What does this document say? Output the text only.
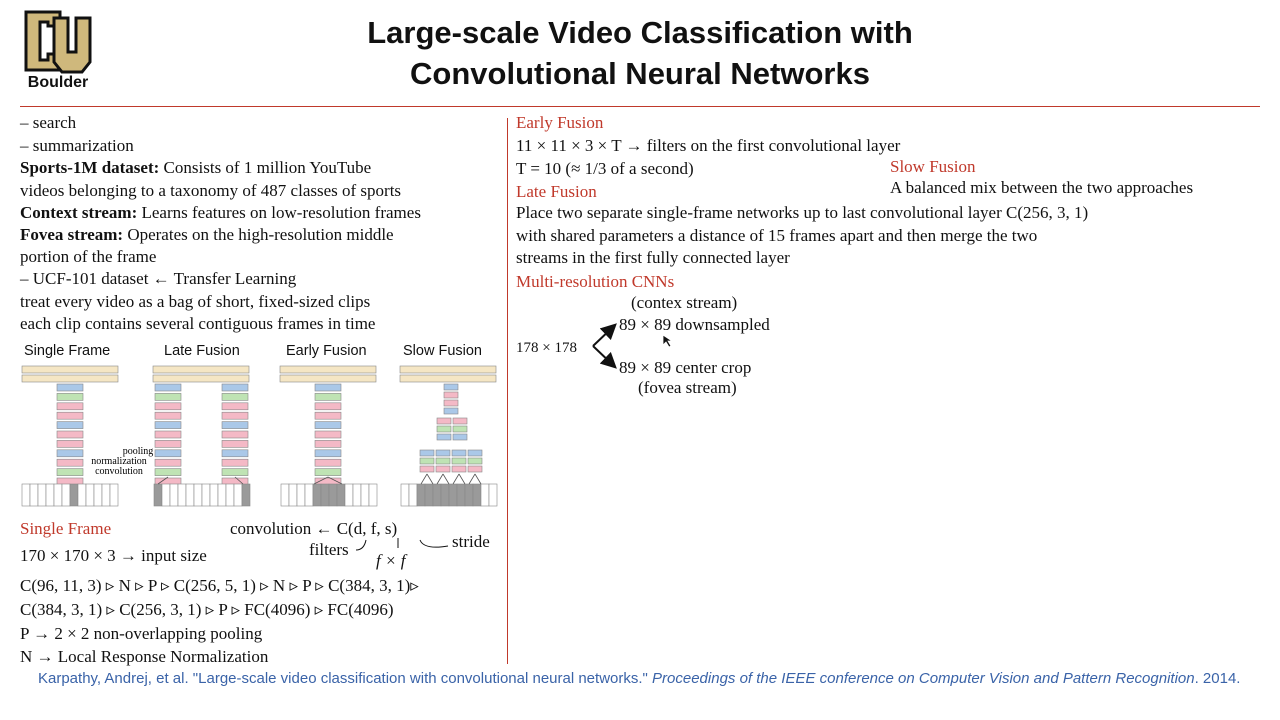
Boulder
Large-scale Video Classification with
Convolutional Neural Networks
– search
– summarization
Sports-1M dataset: Consists of 1 million YouTube
videos belonging to a taxonomy of 487 classes of sports
Context stream: Learns features on low-resolution frames
Fovea stream: Operates on the high-resolution middle
portion of the frame
– UCF-101 dataset ← Transfer Learning
treat every video as a bag of short, fixed-sized clips
each clip contains several contiguous frames in time
Single Frame	Late Fusion	Early Fusion	Slow Fusion
pooling
normalization
convolution
Single Frame
170 × 170 × 3 → input size
convolution ← C(d, f, s)
filters	stride
f × f
C(96, 11, 3) ▹ N ▹ P ▹ C(256, 5, 1) ▹ N ▹ P ▹ C(384, 3, 1)▹
C(384, 3, 1) ▹ C(256, 3, 1) ▹ P ▹ FC(4096) ▹ FC(4096)
P → 2 × 2 non-overlapping pooling
N → Local Response Normalization
Early Fusion
11 × 11 × 3 × T → filters on the first convolutional layer
T = 10 (≈ 1/3 of a second)	Slow Fusion
A balanced mix between the two approaches
Late Fusion
Place two separate single-frame networks up to last convolutional layer C(256, 3, 1)
with shared parameters a distance of 15 frames apart and then merge the two
streams in the first fully connected layer
Multi-resolution CNNs
(contex stream)
178 × 178
89 × 89 downsampled
89 × 89 center crop
(fovea stream)
Karpathy, Andrej, et al. "Large-scale video classification with convolutional neural networks." Proceedings of the IEEE conference on Computer Vision and Pattern Recognition. 2014.
